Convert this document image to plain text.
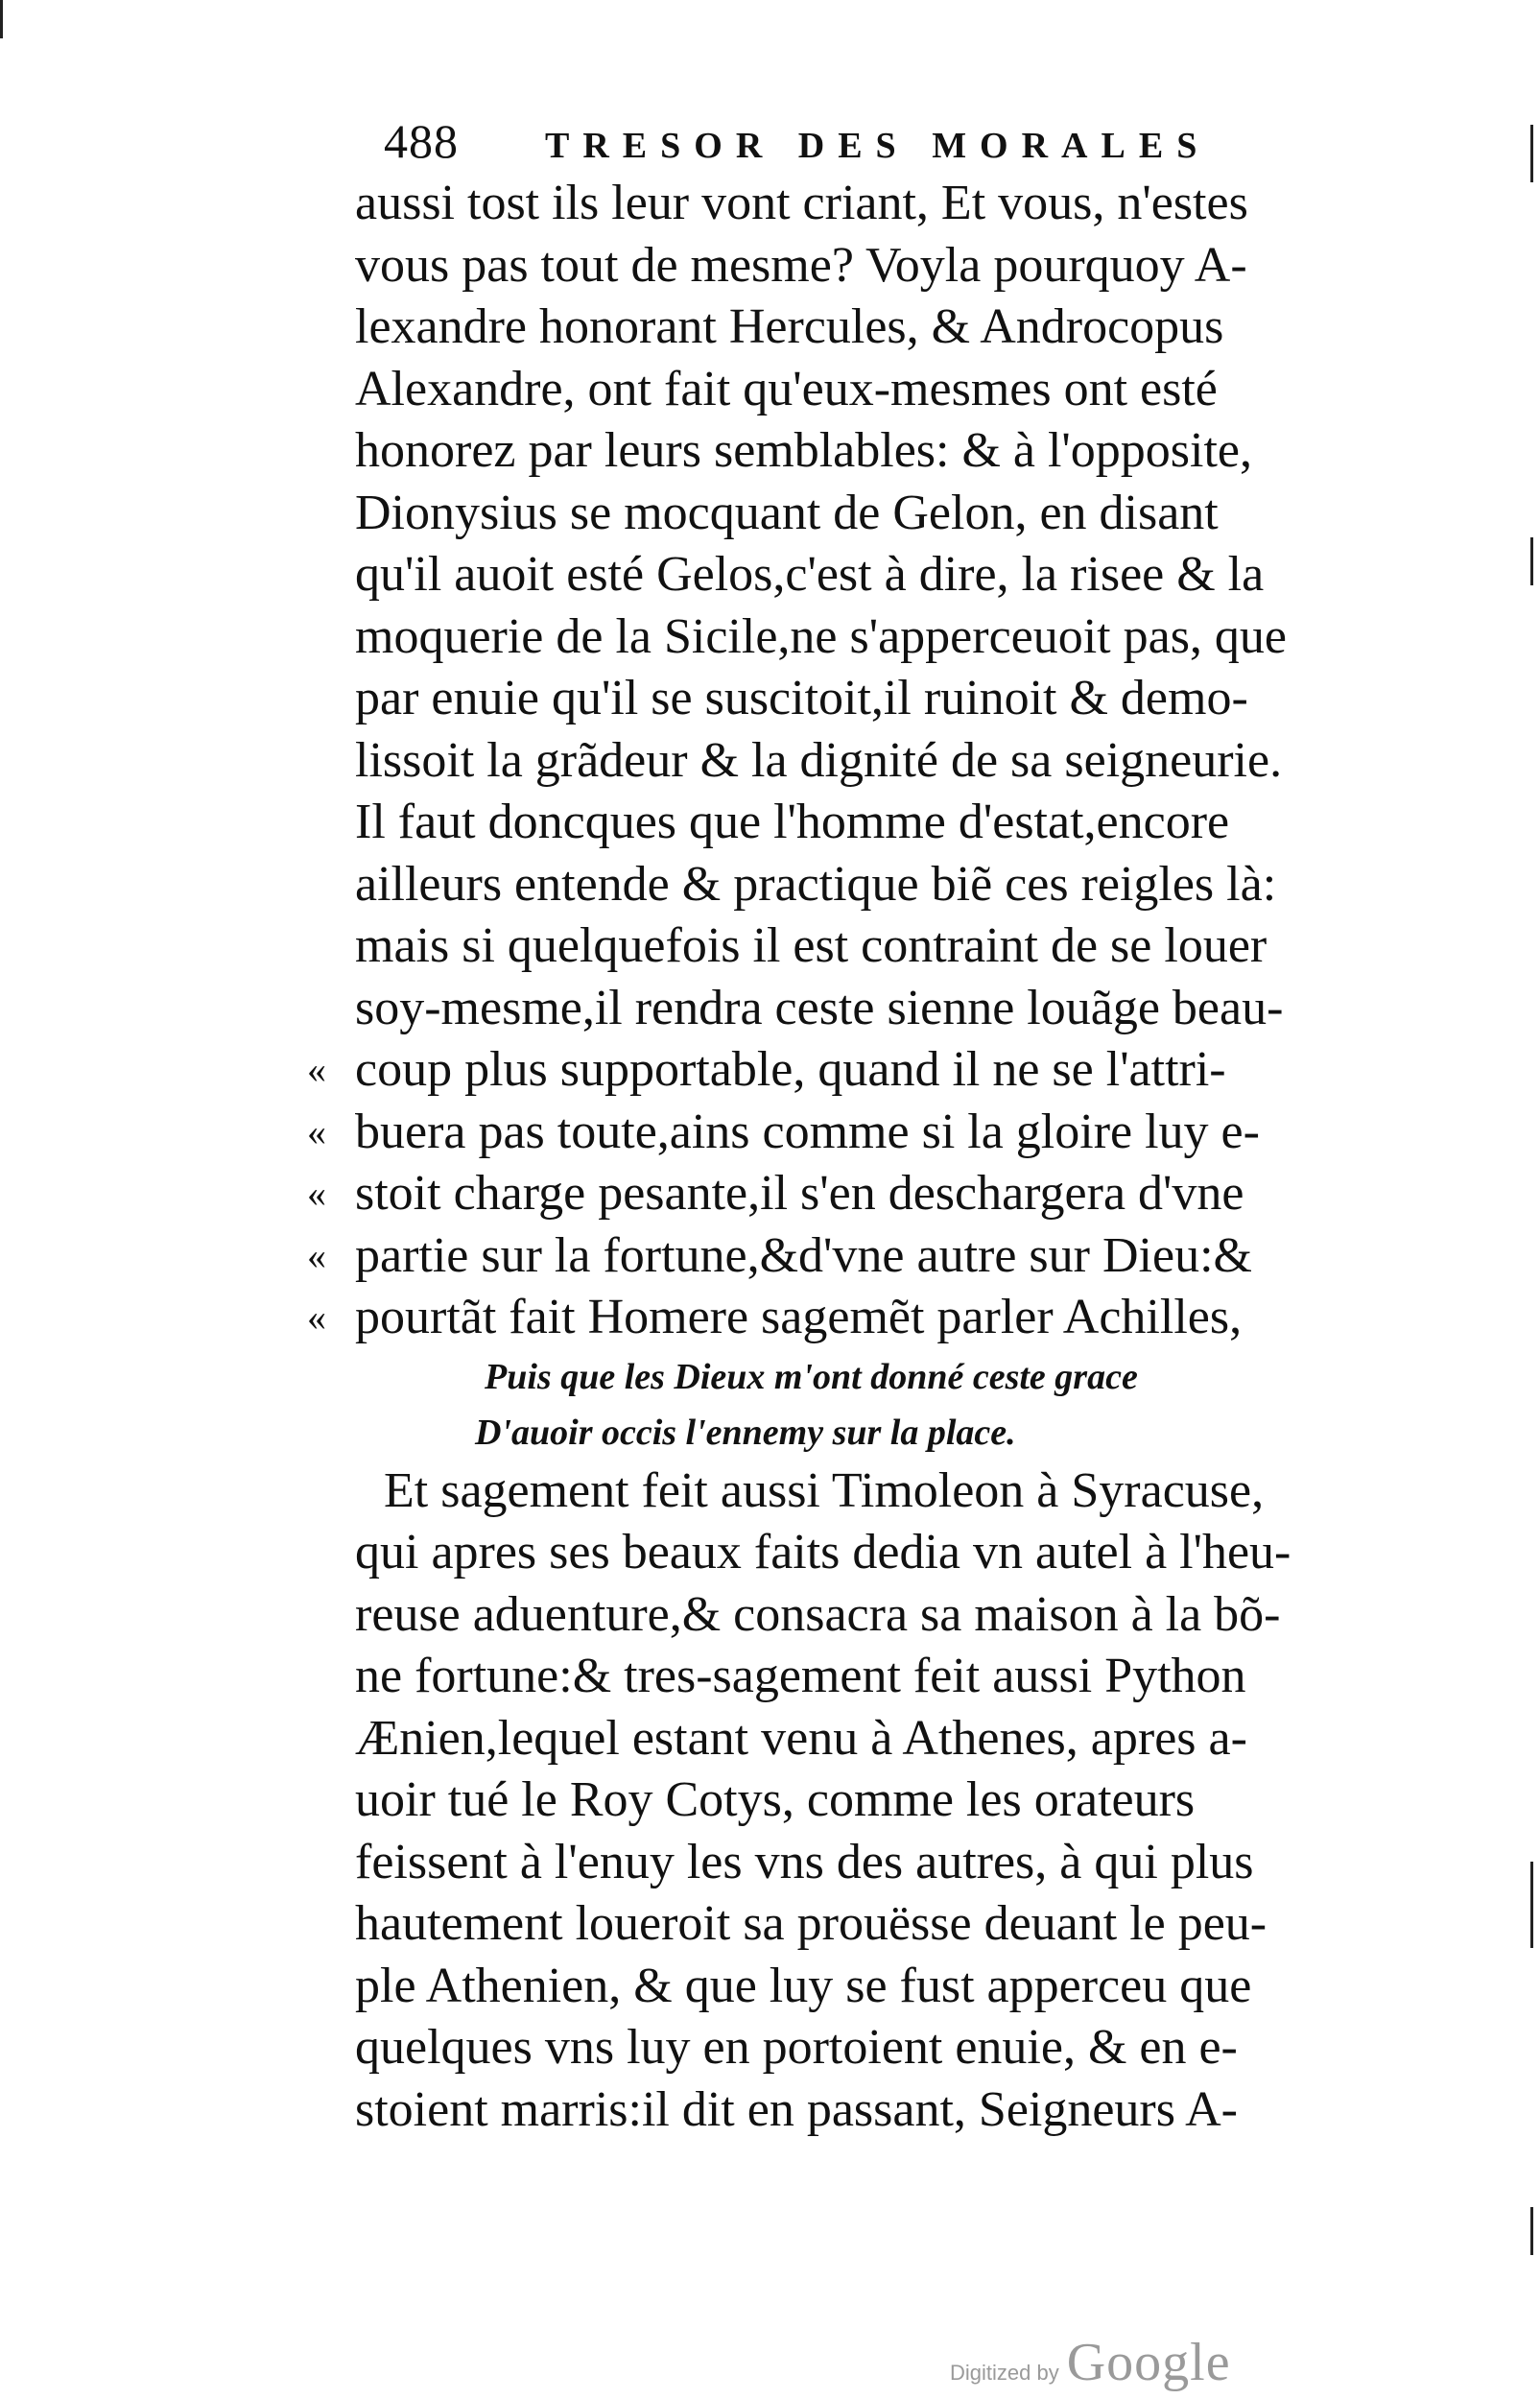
488 TRESOR DES MORALES
aussi tost ils leur vont criant, Et vous, n'estes
vous pas tout de mesme? Voyla pourquoy A-
lexandre honorant Hercules, & Androcopus
Alexandre, ont fait qu'eux-mesmes ont esté
honorez par leurs semblables: & à l'opposite,
Dionysius se mocquant de Gelon, en disant
qu'il auoit esté Gelos,c'est à dire, la risee & la
moquerie de la Sicile,ne s'apperceuoit pas, que
par enuie qu'il se suscitoit,il ruinoit & demo-
lissoit la grãdeur & la dignité de sa seigneurie.
Il faut doncques que l'homme d'estat,encore
ailleurs entende & practique biẽ ces reigles là:
mais si quelquefois il est contraint de se louer
soy-mesme,il rendra ceste sienne louãge beau-
« coup plus supportable, quand il ne se l'attri-
« buera pas toute,ains comme si la gloire luy e-
« stoit charge pesante,il s'en deschargera d'vne
« partie sur la fortune,&d'vne autre sur Dieu:&
« pourtãt fait Homere sagemẽt parler Achilles,
Puis que les Dieux m'ont donné ceste grace
D'auoir occis l'ennemy sur la place.
Et sagement feit aussi Timoleon à Syracuse,
qui apres ses beaux faits dedia vn autel à l'heu-
reuse aduenture,& consacra sa maison à la bõ-
ne fortune:& tres-sagement feit aussi Python
Ænien,lequel estant venu à Athenes, apres a-
uoir tué le Roy Cotys, comme les orateurs
feissent à l'enuy les vns des autres, à qui plus
hautement loueroit sa prouësse deuant le peu-
ple Athenien, & que luy se fust apperceu que
quelques vns luy en portoient enuie, & en e-
stoient marris:il dit en passant, Seigneurs A-
Digitized by Google
